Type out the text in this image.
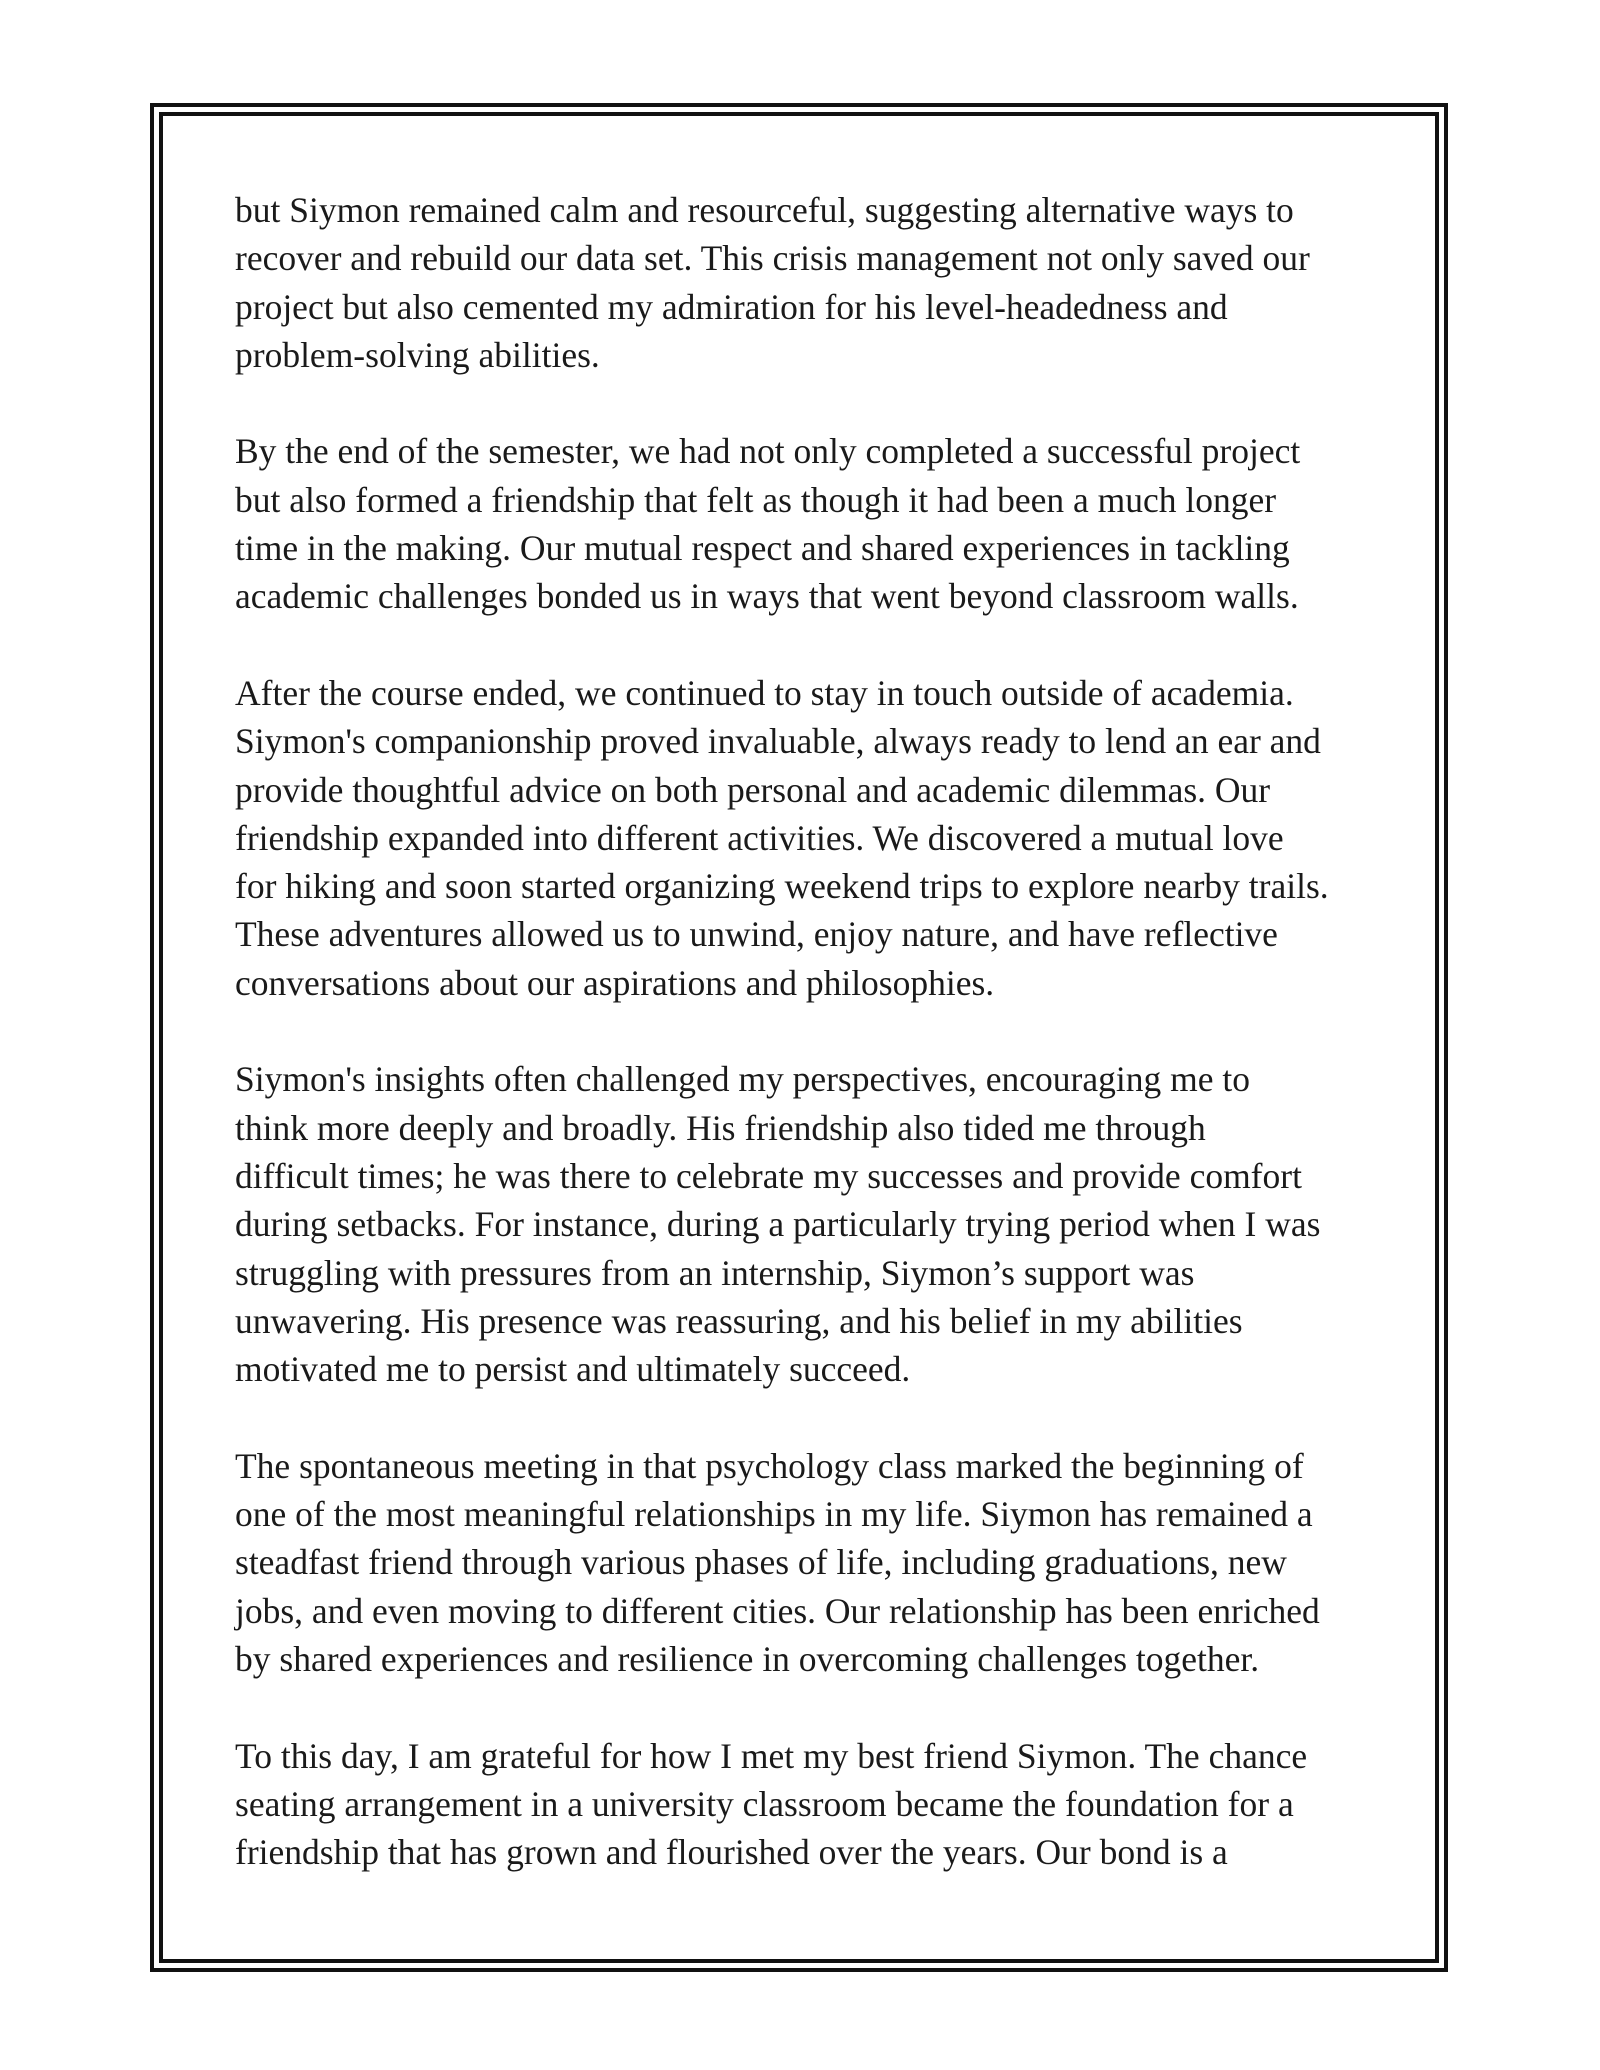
but Siymon remained calm and resourceful, suggesting alternative ways to
recover and rebuild our data set. This crisis management not only saved our
project but also cemented my admiration for his level-headedness and
problem-solving abilities.

By the end of the semester, we had not only completed a successful project
but also formed a friendship that felt as though it had been a much longer
time in the making. Our mutual respect and shared experiences in tackling
academic challenges bonded us in ways that went beyond classroom walls.

After the course ended, we continued to stay in touch outside of academia.
Siymon's companionship proved invaluable, always ready to lend an ear and
provide thoughtful advice on both personal and academic dilemmas. Our
friendship expanded into different activities. We discovered a mutual love
for hiking and soon started organizing weekend trips to explore nearby trails.
These adventures allowed us to unwind, enjoy nature, and have reflective
conversations about our aspirations and philosophies.

Siymon's insights often challenged my perspectives, encouraging me to
think more deeply and broadly. His friendship also tided me through
difficult times; he was there to celebrate my successes and provide comfort
during setbacks. For instance, during a particularly trying period when I was
struggling with pressures from an internship, Siymon’s support was
unwavering. His presence was reassuring, and his belief in my abilities
motivated me to persist and ultimately succeed.

The spontaneous meeting in that psychology class marked the beginning of
one of the most meaningful relationships in my life. Siymon has remained a
steadfast friend through various phases of life, including graduations, new
jobs, and even moving to different cities. Our relationship has been enriched
by shared experiences and resilience in overcoming challenges together.

To this day, I am grateful for how I met my best friend Siymon. The chance
seating arrangement in a university classroom became the foundation for a
friendship that has grown and flourished over the years. Our bond is a
